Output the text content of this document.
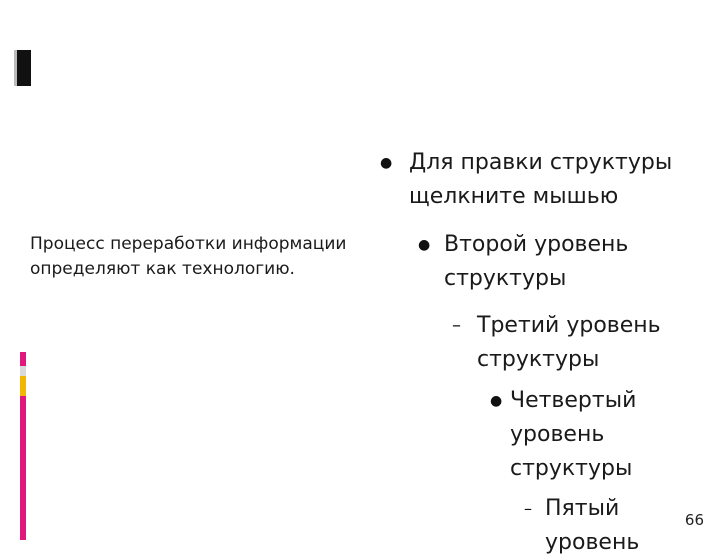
Процесс переработки информации определяют как технологию.
● Для правки структуры щелкните мышью
● Второй уровень структуры
– Третий уровень структуры
● Четвертый уровень структуры
– Пятый уровень
66
